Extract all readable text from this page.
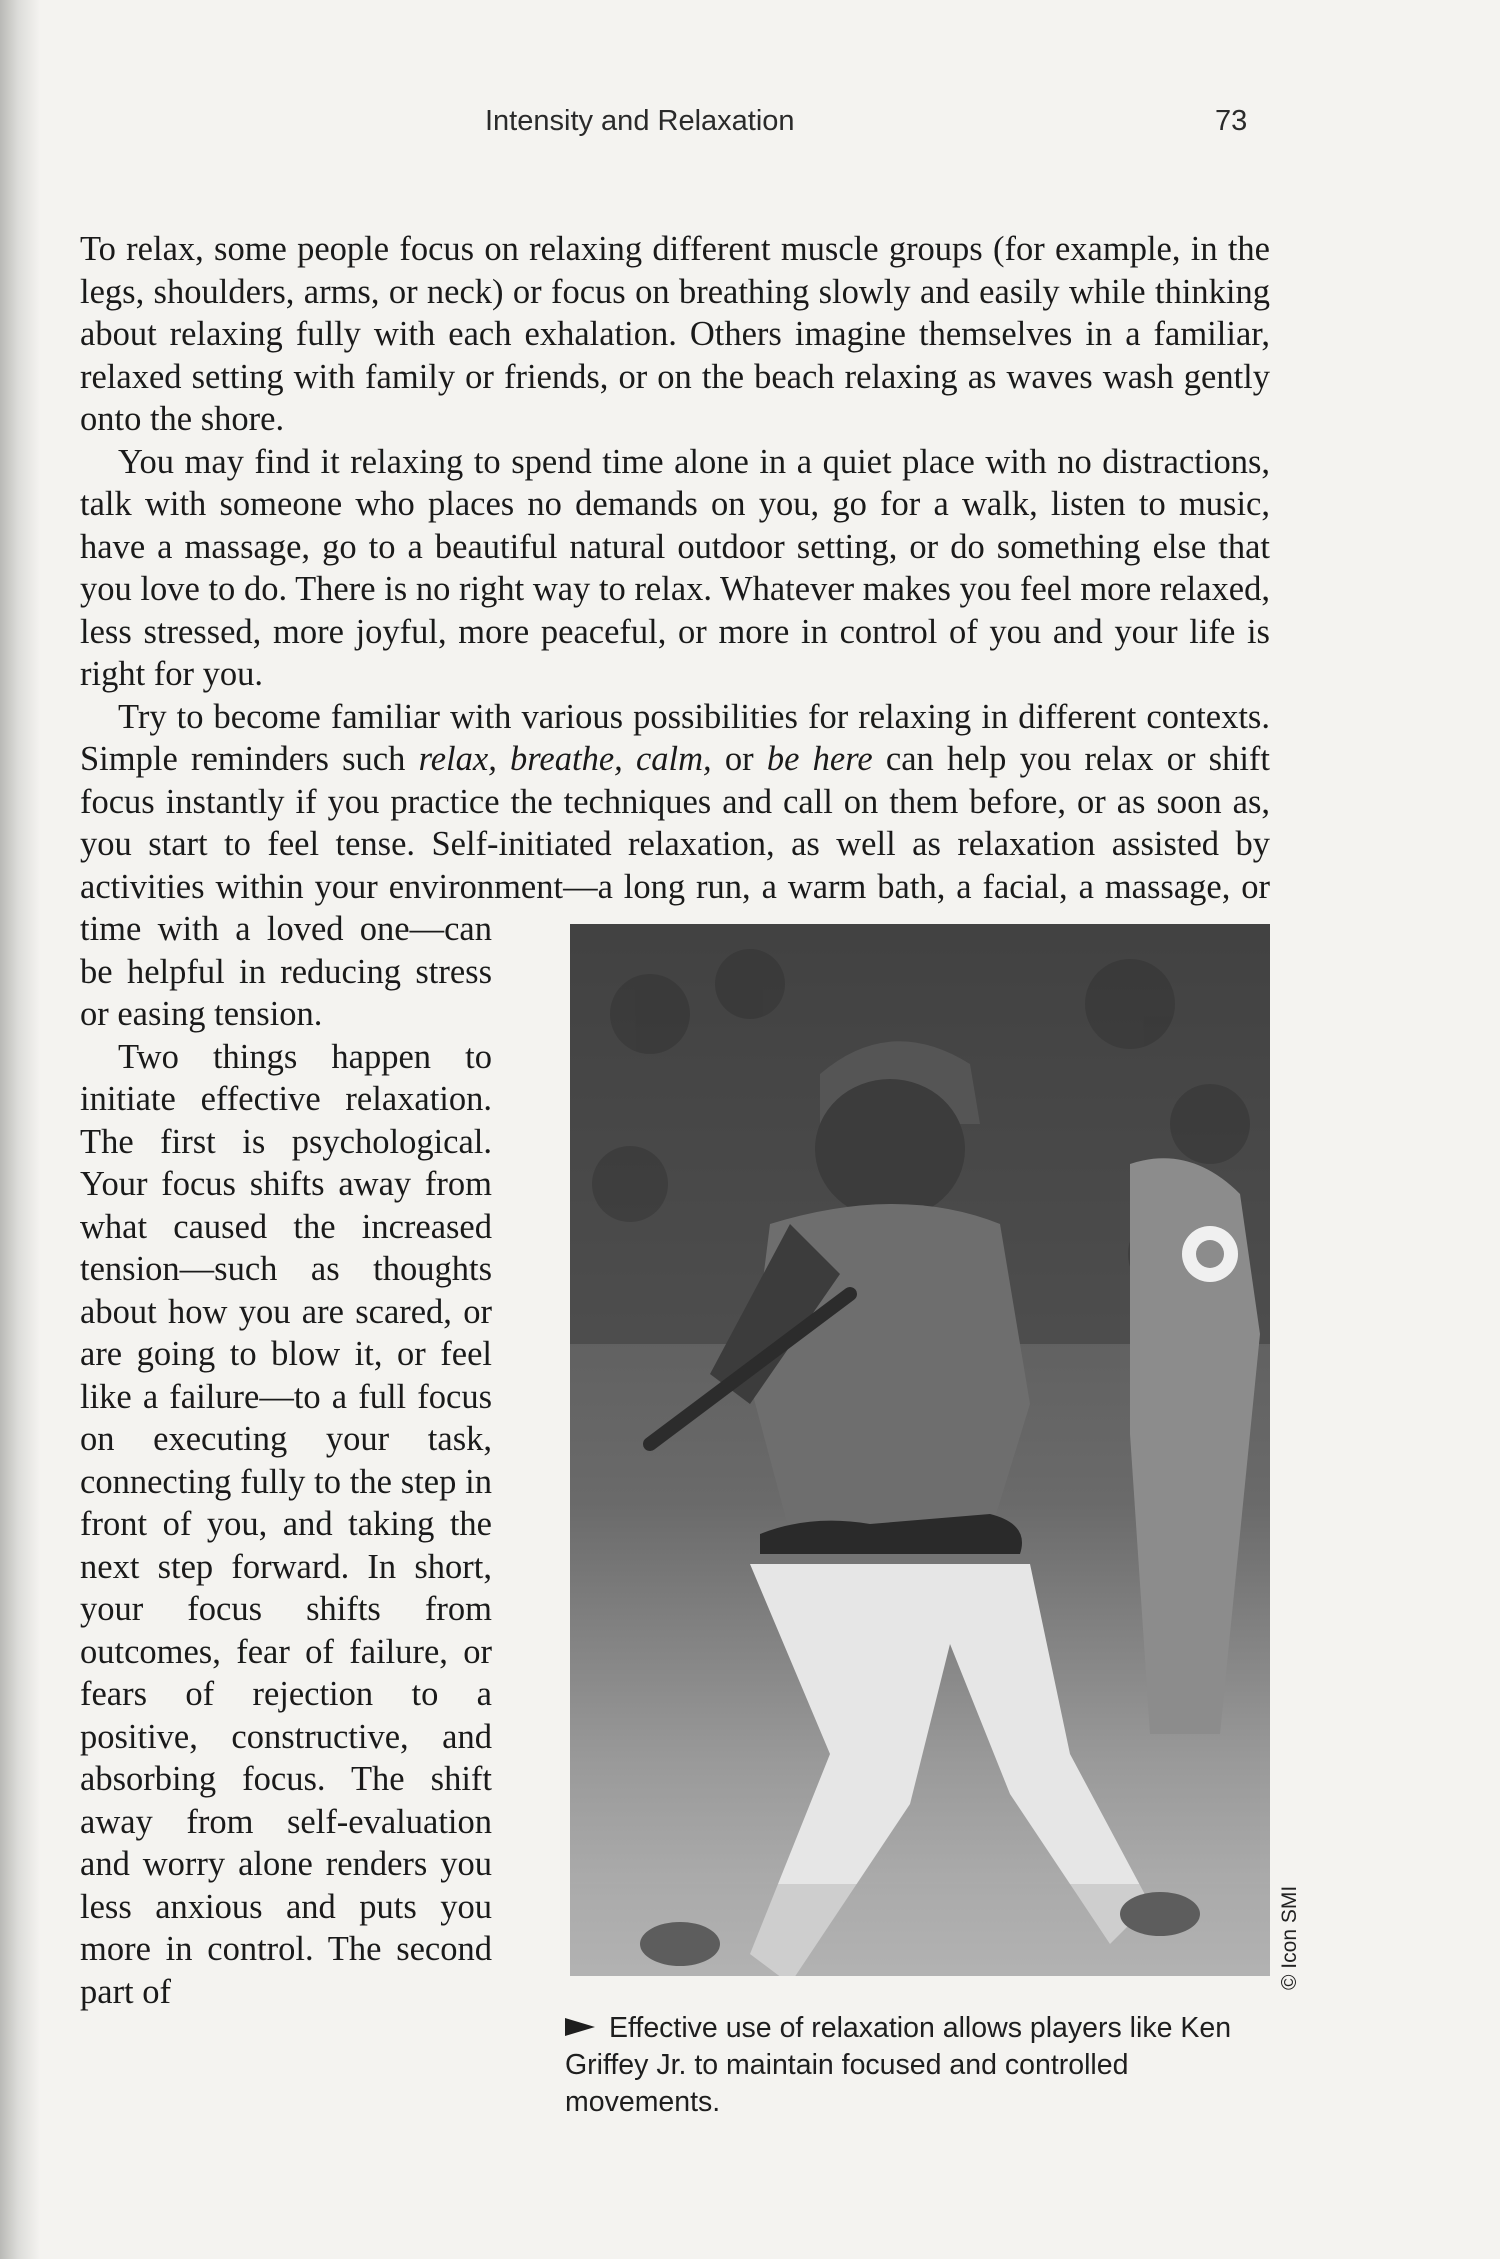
Intensity and Relaxation	73

To relax, some people focus on relaxing different muscle groups (for example, in the legs, shoulders, arms, or neck) or focus on breathing slowly and easily while thinking about relaxing fully with each exhalation. Others imagine themselves in a familiar, relaxed setting with family or friends, or on the beach relaxing as waves wash gently onto the shore.

You may find it relaxing to spend time alone in a quiet place with no distractions, talk with someone who places no demands on you, go for a walk, listen to music, have a massage, go to a beautiful natural outdoor setting, or do something else that you love to do. There is no right way to relax. Whatever makes you feel more relaxed, less stressed, more joyful, more peaceful, or more in control of you and your life is right for you.

Try to become familiar with various possibilities for relaxing in different contexts. Simple reminders such relax, breathe, calm, or be here can help you relax or shift focus instantly if you practice the techniques and call on them before, or as soon as, you start to feel tense. Self-initiated relaxation, as well as relaxation assisted by activities within your environment—a long run, a warm bath, a facial, a massage, or time with a loved one—can be helpful in reducing stress or easing tension.

Two things happen to initiate effective relaxation. The first is psychological. Your focus shifts away from what caused the increased tension—such as thoughts about how you are scared, or are going to blow it, or feel like a failure—to a full focus on executing your task, connecting fully to the step in front of you, and taking the next step forward. In short, your focus shifts from outcomes, fear of failure, or fears of rejection to a positive, constructive, and absorbing focus. The shift away from self-evaluation and worry alone renders you less anxious and puts you more in control. The second part of

© Icon SMI
Effective use of relaxation allows players like Ken Griffey Jr. to maintain focused and controlled movements.
